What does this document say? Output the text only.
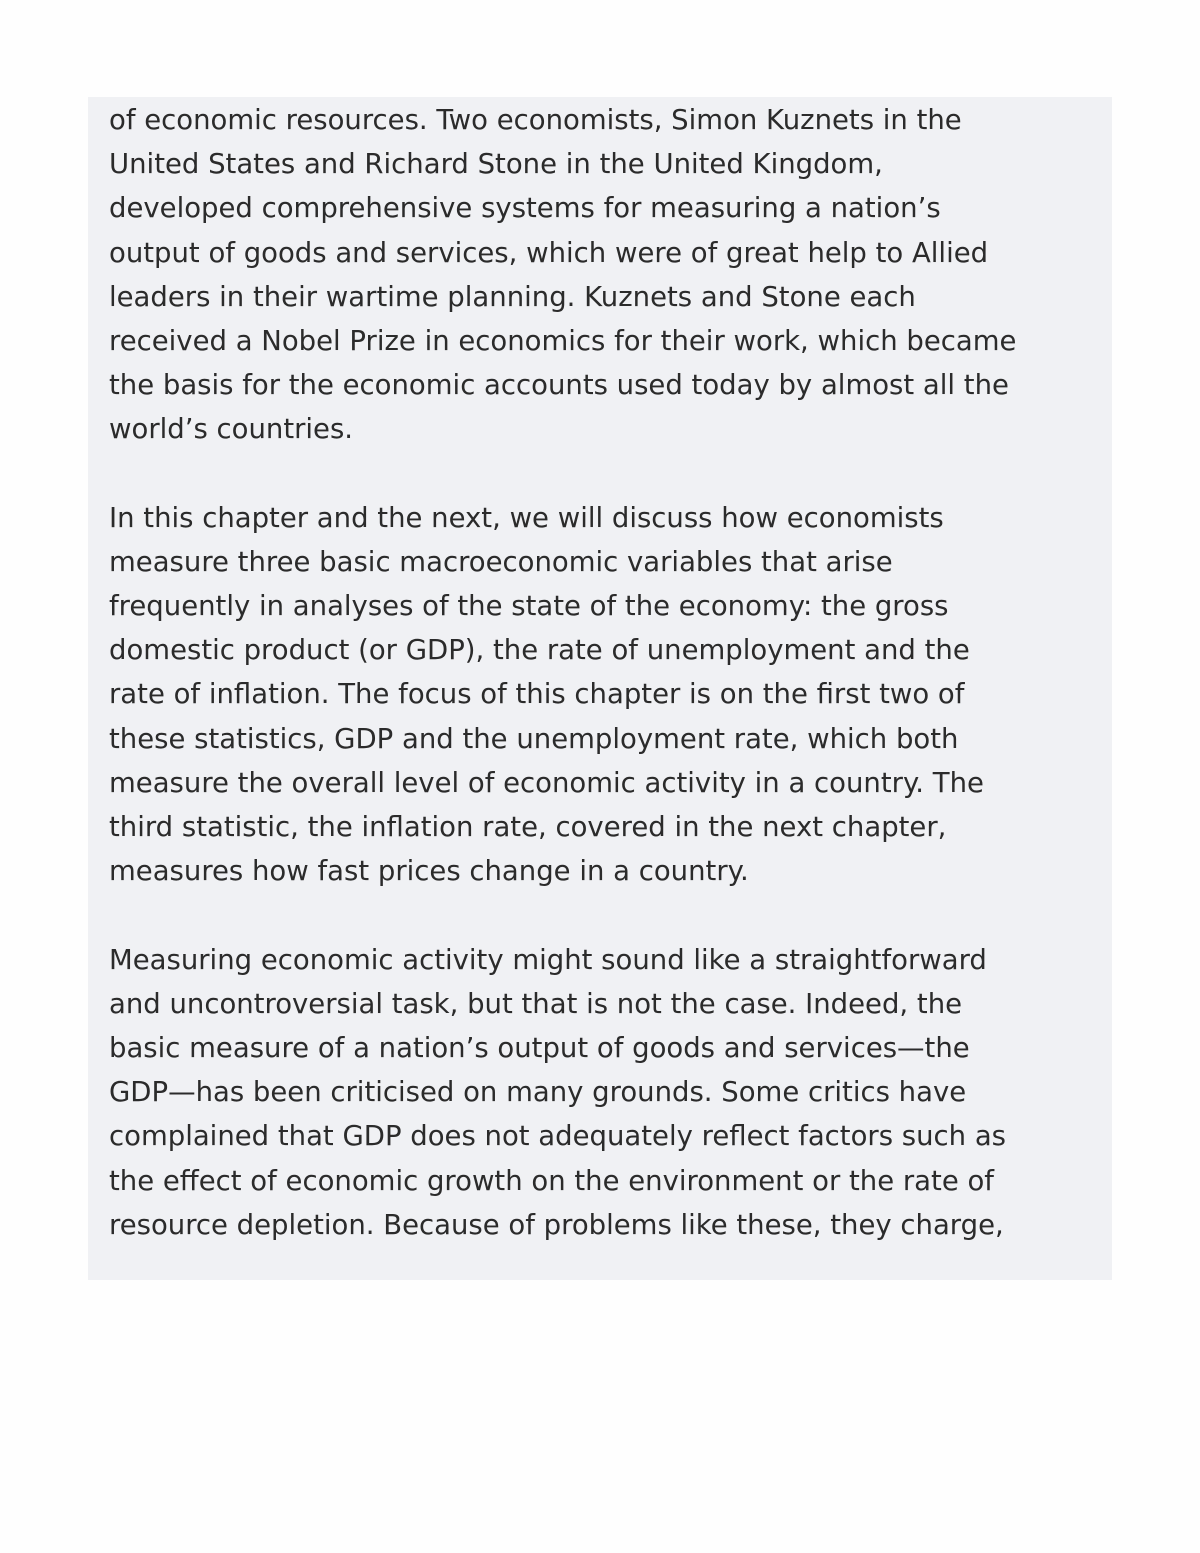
of economic resources. Two economists, Simon Kuznets in the
United States and Richard Stone in the United Kingdom,
developed comprehensive systems for measuring a nation’s
output of goods and services, which were of great help to Allied
leaders in their wartime planning. Kuznets and Stone each
received a Nobel Prize in economics for their work, which became
the basis for the economic accounts used today by almost all the
world’s countries.
In this chapter and the next, we will discuss how economists
measure three basic macroeconomic variables that arise
frequently in analyses of the state of the economy: the gross
domestic product (or GDP), the rate of unemployment and the
rate of inflation. The focus of this chapter is on the first two of
these statistics, GDP and the unemployment rate, which both
measure the overall level of economic activity in a country. The
third statistic, the inflation rate, covered in the next chapter,
measures how fast prices change in a country.
Measuring economic activity might sound like a straightforward
and uncontroversial task, but that is not the case. Indeed, the
basic measure of a nation’s output of goods and services—the
GDP—has been criticised on many grounds. Some critics have
complained that GDP does not adequately reflect factors such as
the effect of economic growth on the environment or the rate of
resource depletion. Because of problems like these, they charge,
